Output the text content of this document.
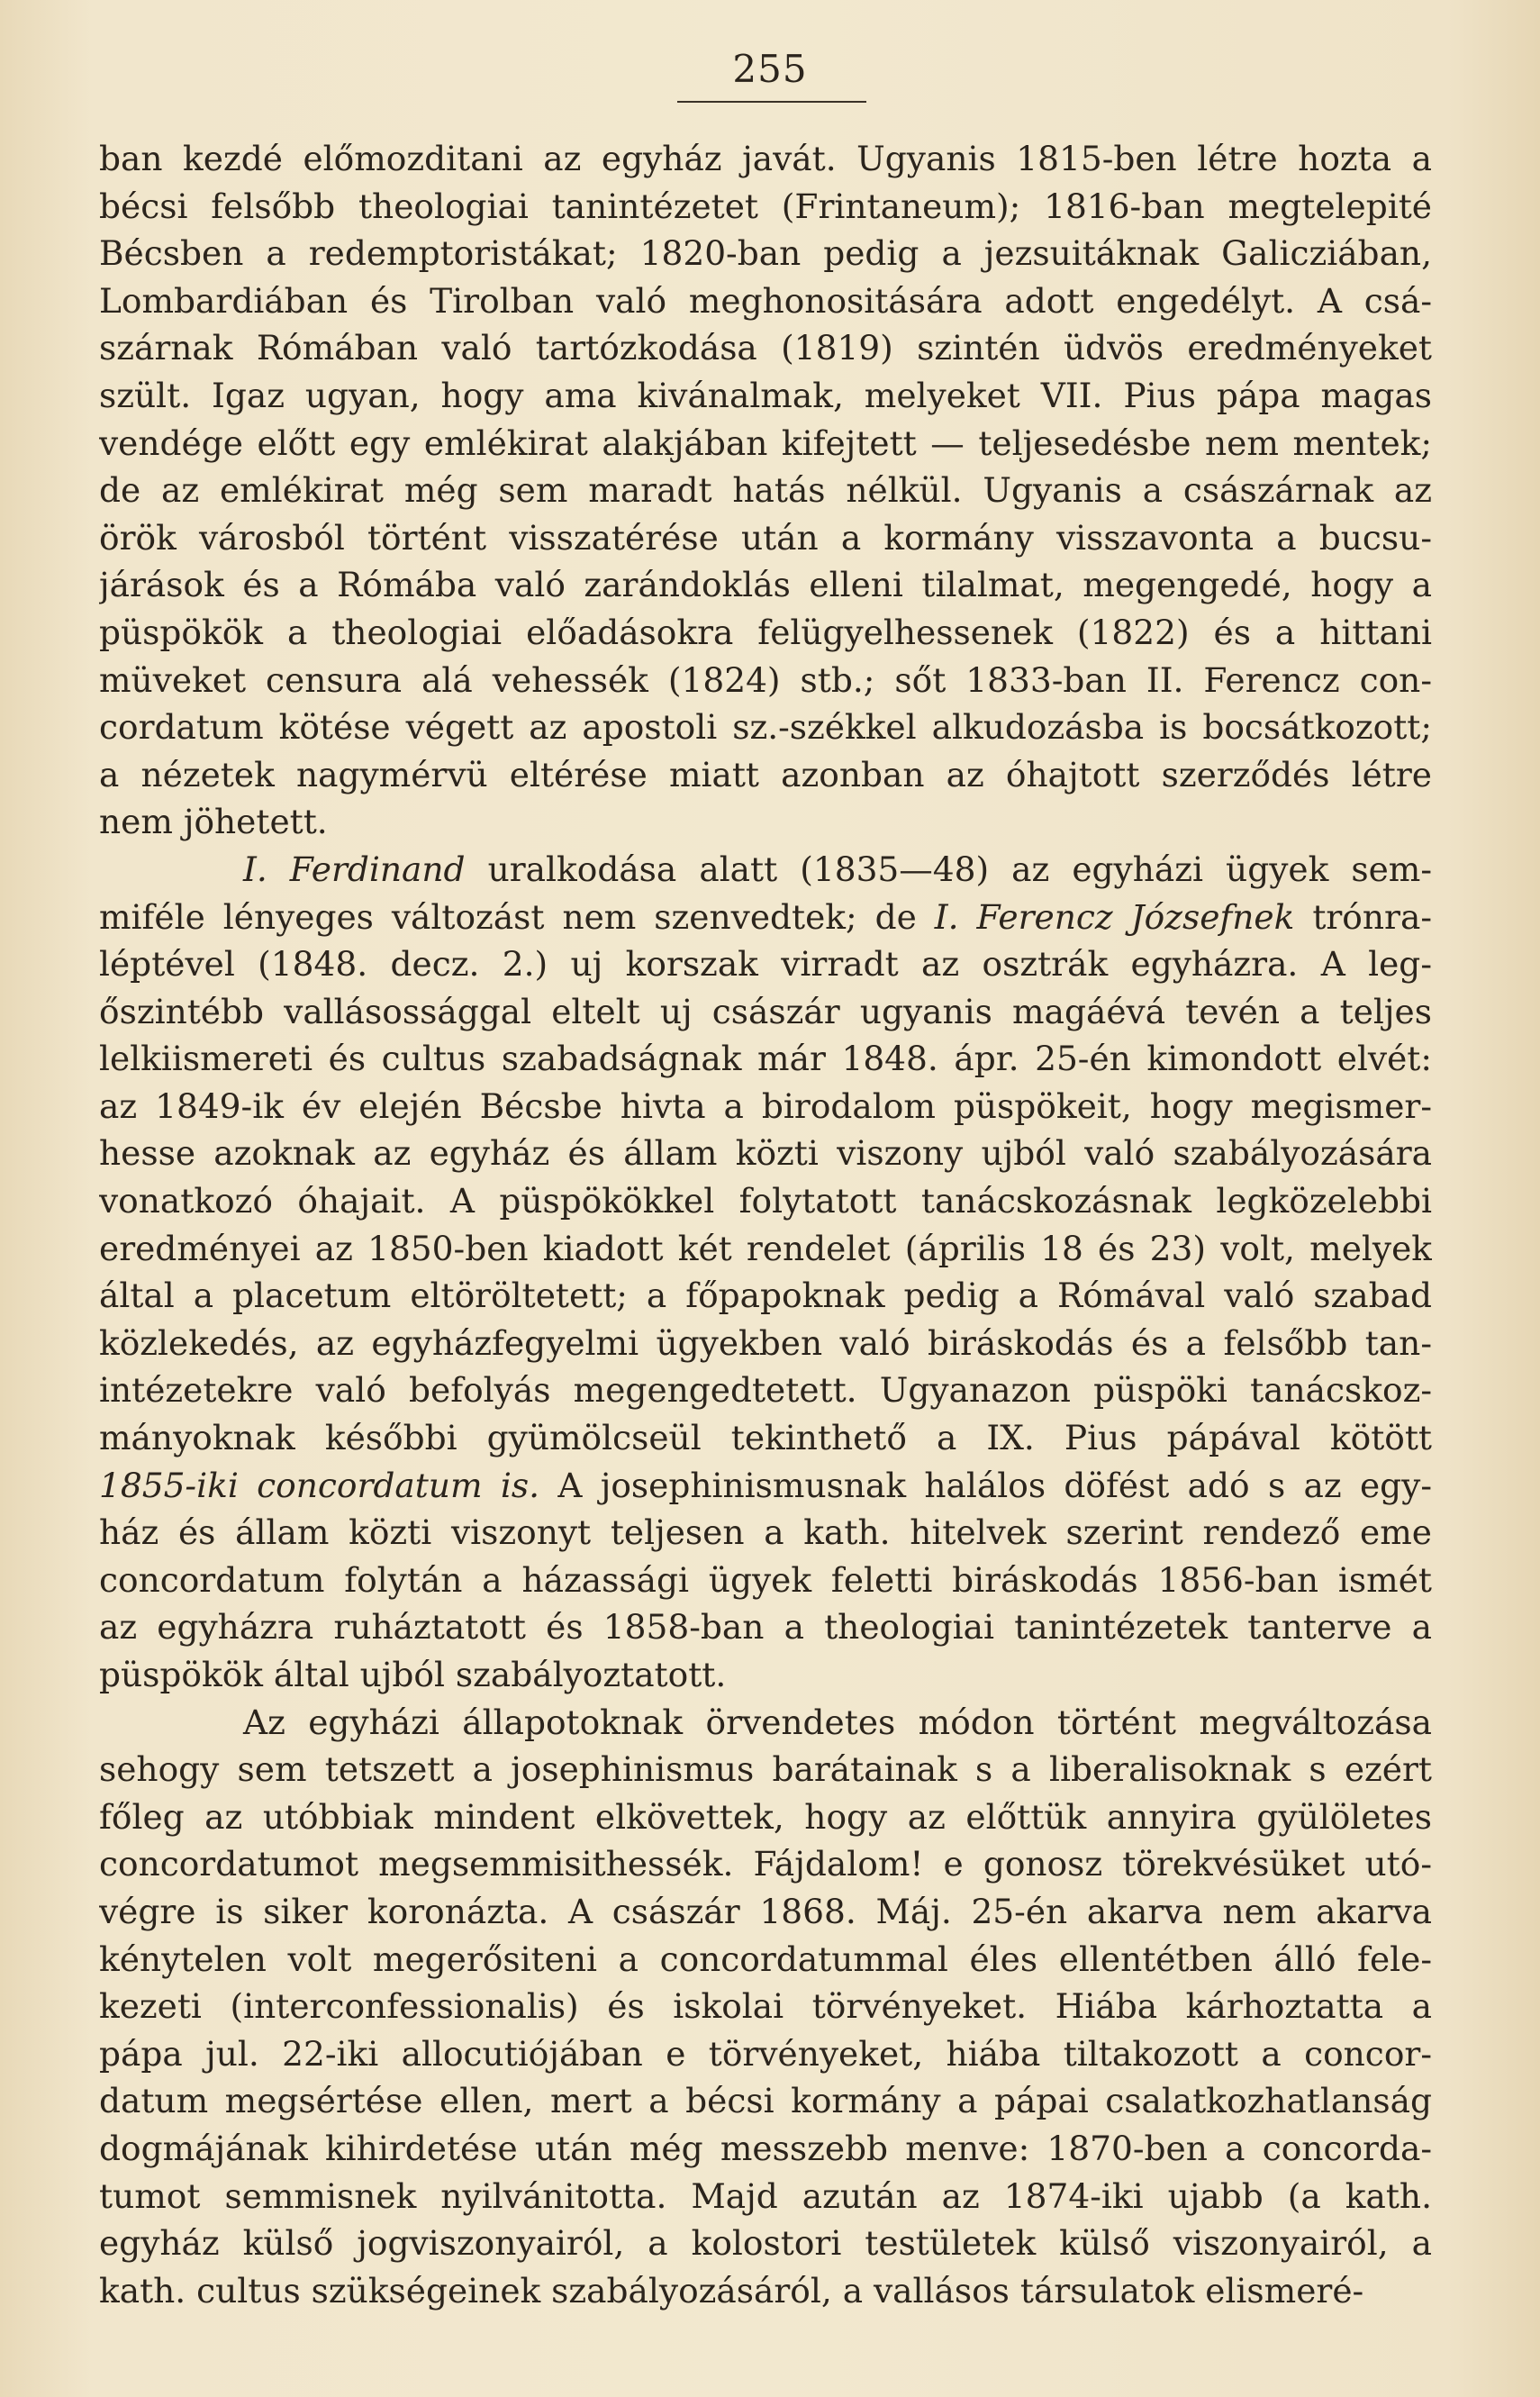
255

ban kezdé előmozditani az egyház javát. Ugyanis 1815-ben létre hozta a
bécsi felsőbb theologiai tanintézetet (Frintaneum); 1816-ban megtelepité
Bécsben a redemptoristákat; 1820-ban pedig a jezsuitáknak Galicziában,
Lombardiában és Tirolban való meghonositására adott engedélyt. A csá-
szárnak Rómában való tartózkodása (1819) szintén üdvös eredményeket
szült. Igaz ugyan, hogy ama kivánalmak, melyeket VII. Pius pápa magas
vendége előtt egy emlékirat alakjában kifejtett — teljesedésbe nem mentek;
de az emlékirat még sem maradt hatás nélkül. Ugyanis a császárnak az
örök városból történt visszatérése után a kormány visszavonta a bucsu-
járások és a Rómába való zarándoklás elleni tilalmat, megengedé, hogy a
püspökök a theologiai előadásokra felügyelhessenek (1822) és a hittani
müveket censura alá vehessék (1824) stb.; sőt 1833-ban II. Ferencz con-
cordatum kötése végett az apostoli sz.-székkel alkudozásba is bocsátkozott;
a nézetek nagymérvü eltérése miatt azonban az óhajtott szerződés létre
nem jöhetett.

I. Ferdinand uralkodása alatt (1835—48) az egyházi ügyek sem-
miféle lényeges változást nem szenvedtek; de I. Ferencz Józsefnek trónra-
léptével (1848. decz. 2.) uj korszak virradt az osztrák egyházra. A leg-
őszintébb vallásossággal eltelt uj császár ugyanis magáévá tevén a teljes
lelkiismereti és cultus szabadságnak már 1848. ápr. 25-én kimondott elvét:
az 1849-ik év elején Bécsbe hivta a birodalom püspökeit, hogy megismer-
hesse azoknak az egyház és állam közti viszony ujból való szabályozására
vonatkozó óhajait. A püspökökkel folytatott tanácskozásnak legközelebbi
eredményei az 1850-ben kiadott két rendelet (április 18 és 23) volt, melyek
által a placetum eltöröltetett; a főpapoknak pedig a Rómával való szabad
közlekedés, az egyházfegyelmi ügyekben való biráskodás és a felsőbb tan-
intézetekre való befolyás megengedtetett. Ugyanazon püspöki tanácskoz-
mányoknak későbbi gyümölcseül tekinthető a IX. Pius pápával kötött
1855-iki concordatum is. A josephinismusnak halálos döfést adó s az egy-
ház és állam közti viszonyt teljesen a kath. hitelvek szerint rendező eme
concordatum folytán a házassági ügyek feletti biráskodás 1856-ban ismét
az egyházra ruháztatott és 1858-ban a theologiai tanintézetek tanterve a
püspökök által ujból szabályoztatott.

Az egyházi állapotoknak örvendetes módon történt megváltozása
sehogy sem tetszett a josephinismus barátainak s a liberalisoknak s ezért
főleg az utóbbiak mindent elkövettek, hogy az előttük annyira gyülöletes
concordatumot megsemmisithessék. Fájdalom! e gonosz törekvésüket utó-
végre is siker koronázta. A császár 1868. Máj. 25-én akarva nem akarva
kénytelen volt megerősiteni a concordatummal éles ellentétben álló fele-
kezeti (interconfessionalis) és iskolai törvényeket. Hiába kárhoztatta a
pápa jul. 22-iki allocutiójában e törvényeket, hiába tiltakozott a concor-
datum megsértése ellen, mert a bécsi kormány a pápai csalatkozhatlanság
dogmájának kihirdetése után még messzebb menve: 1870-ben a concorda-
tumot semmisnek nyilvánitotta. Majd azután az 1874-iki ujabb (a kath.
egyház külső jogviszonyairól, a kolostori testületek külső viszonyairól, a
kath. cultus szükségeinek szabályozásáról, a vallásos társulatok elismeré-
